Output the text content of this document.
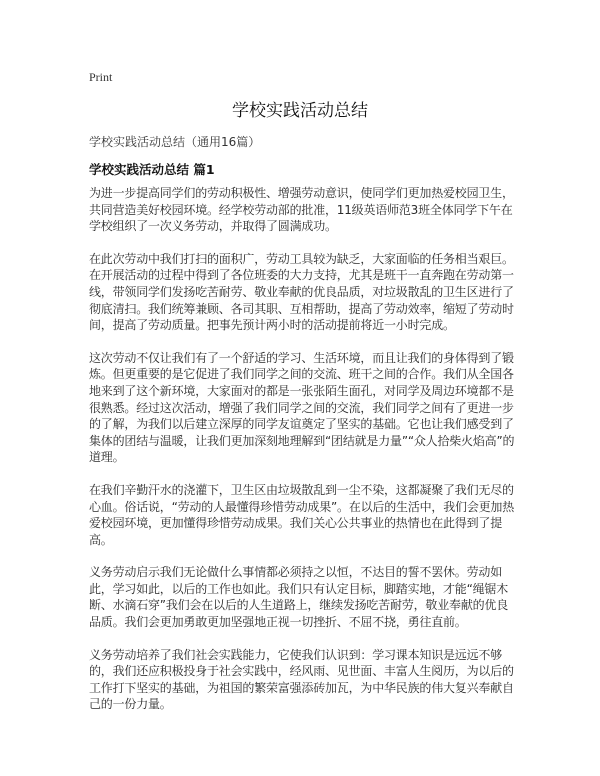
Print
学校实践活动总结
学校实践活动总结（通用16篇）
学校实践活动总结 篇1

为进一步提高同学们的劳动积极性、增强劳动意识，使同学们更加热爱校园卫生，共同营造美好校园环境。经学校劳动部的批准，11级英语师范3班全体同学下午在学校组织了一次义务劳动，并取得了圆满成功。

在此次劳动中我们打扫的面积广，劳动工具较为缺乏，大家面临的任务相当艰巨。在开展活动的过程中得到了各位班委的大力支持，尤其是班干一直奔跑在劳动第一线，带领同学们发扬吃苦耐劳、敬业奉献的优良品质，对垃圾散乱的卫生区进行了彻底清扫。我们统筹兼顾、各司其职、互相帮助，提高了劳动效率，缩短了劳动时间，提高了劳动质量。把事先预计两小时的活动提前将近一小时完成。

这次劳动不仅让我们有了一个舒适的学习、生活环境，而且让我们的身体得到了锻炼。但更重要的是它促进了我们同学之间的交流、班干之间的合作。我们从全国各地来到了这个新环境，大家面对的都是一张张陌生面孔，对同学及周边环境都不是很熟悉。经过这次活动，增强了我们同学之间的交流，我们同学之间有了更进一步的了解，为我们以后建立深厚的同学友谊奠定了坚实的基础。它也让我们感受到了集体的团结与温暖，让我们更加深刻地理解到“团结就是力量”“众人拾柴火焰高”的道理。

在我们辛勤汗水的浇灌下，卫生区由垃圾散乱到一尘不染，这都凝聚了我们无尽的心血。俗话说，“劳动的人最懂得珍惜劳动成果”。在以后的生活中，我们会更加热爱校园环境，更加懂得珍惜劳动成果。我们关心公共事业的热情也在此得到了提高。

义务劳动启示我们无论做什么事情都必须持之以恒，不达目的誓不罢休。劳动如此，学习如此，以后的工作也如此。我们只有认定目标，脚踏实地，才能“绳锯木断、水滴石穿”我们会在以后的人生道路上，继续发扬吃苦耐劳，敬业奉献的优良品质。我们会更加勇敢更加坚强地正视一切挫折、不屈不挠，勇往直前。

义务劳动培养了我们社会实践能力，它使我们认识到：学习课本知识是远远不够的，我们还应积极投身于社会实践中，经风雨、见世面、丰富人生阅历，为以后的工作打下坚实的基础，为祖国的繁荣富强添砖加瓦，为中华民族的伟大复兴奉献自己的一份力量。
